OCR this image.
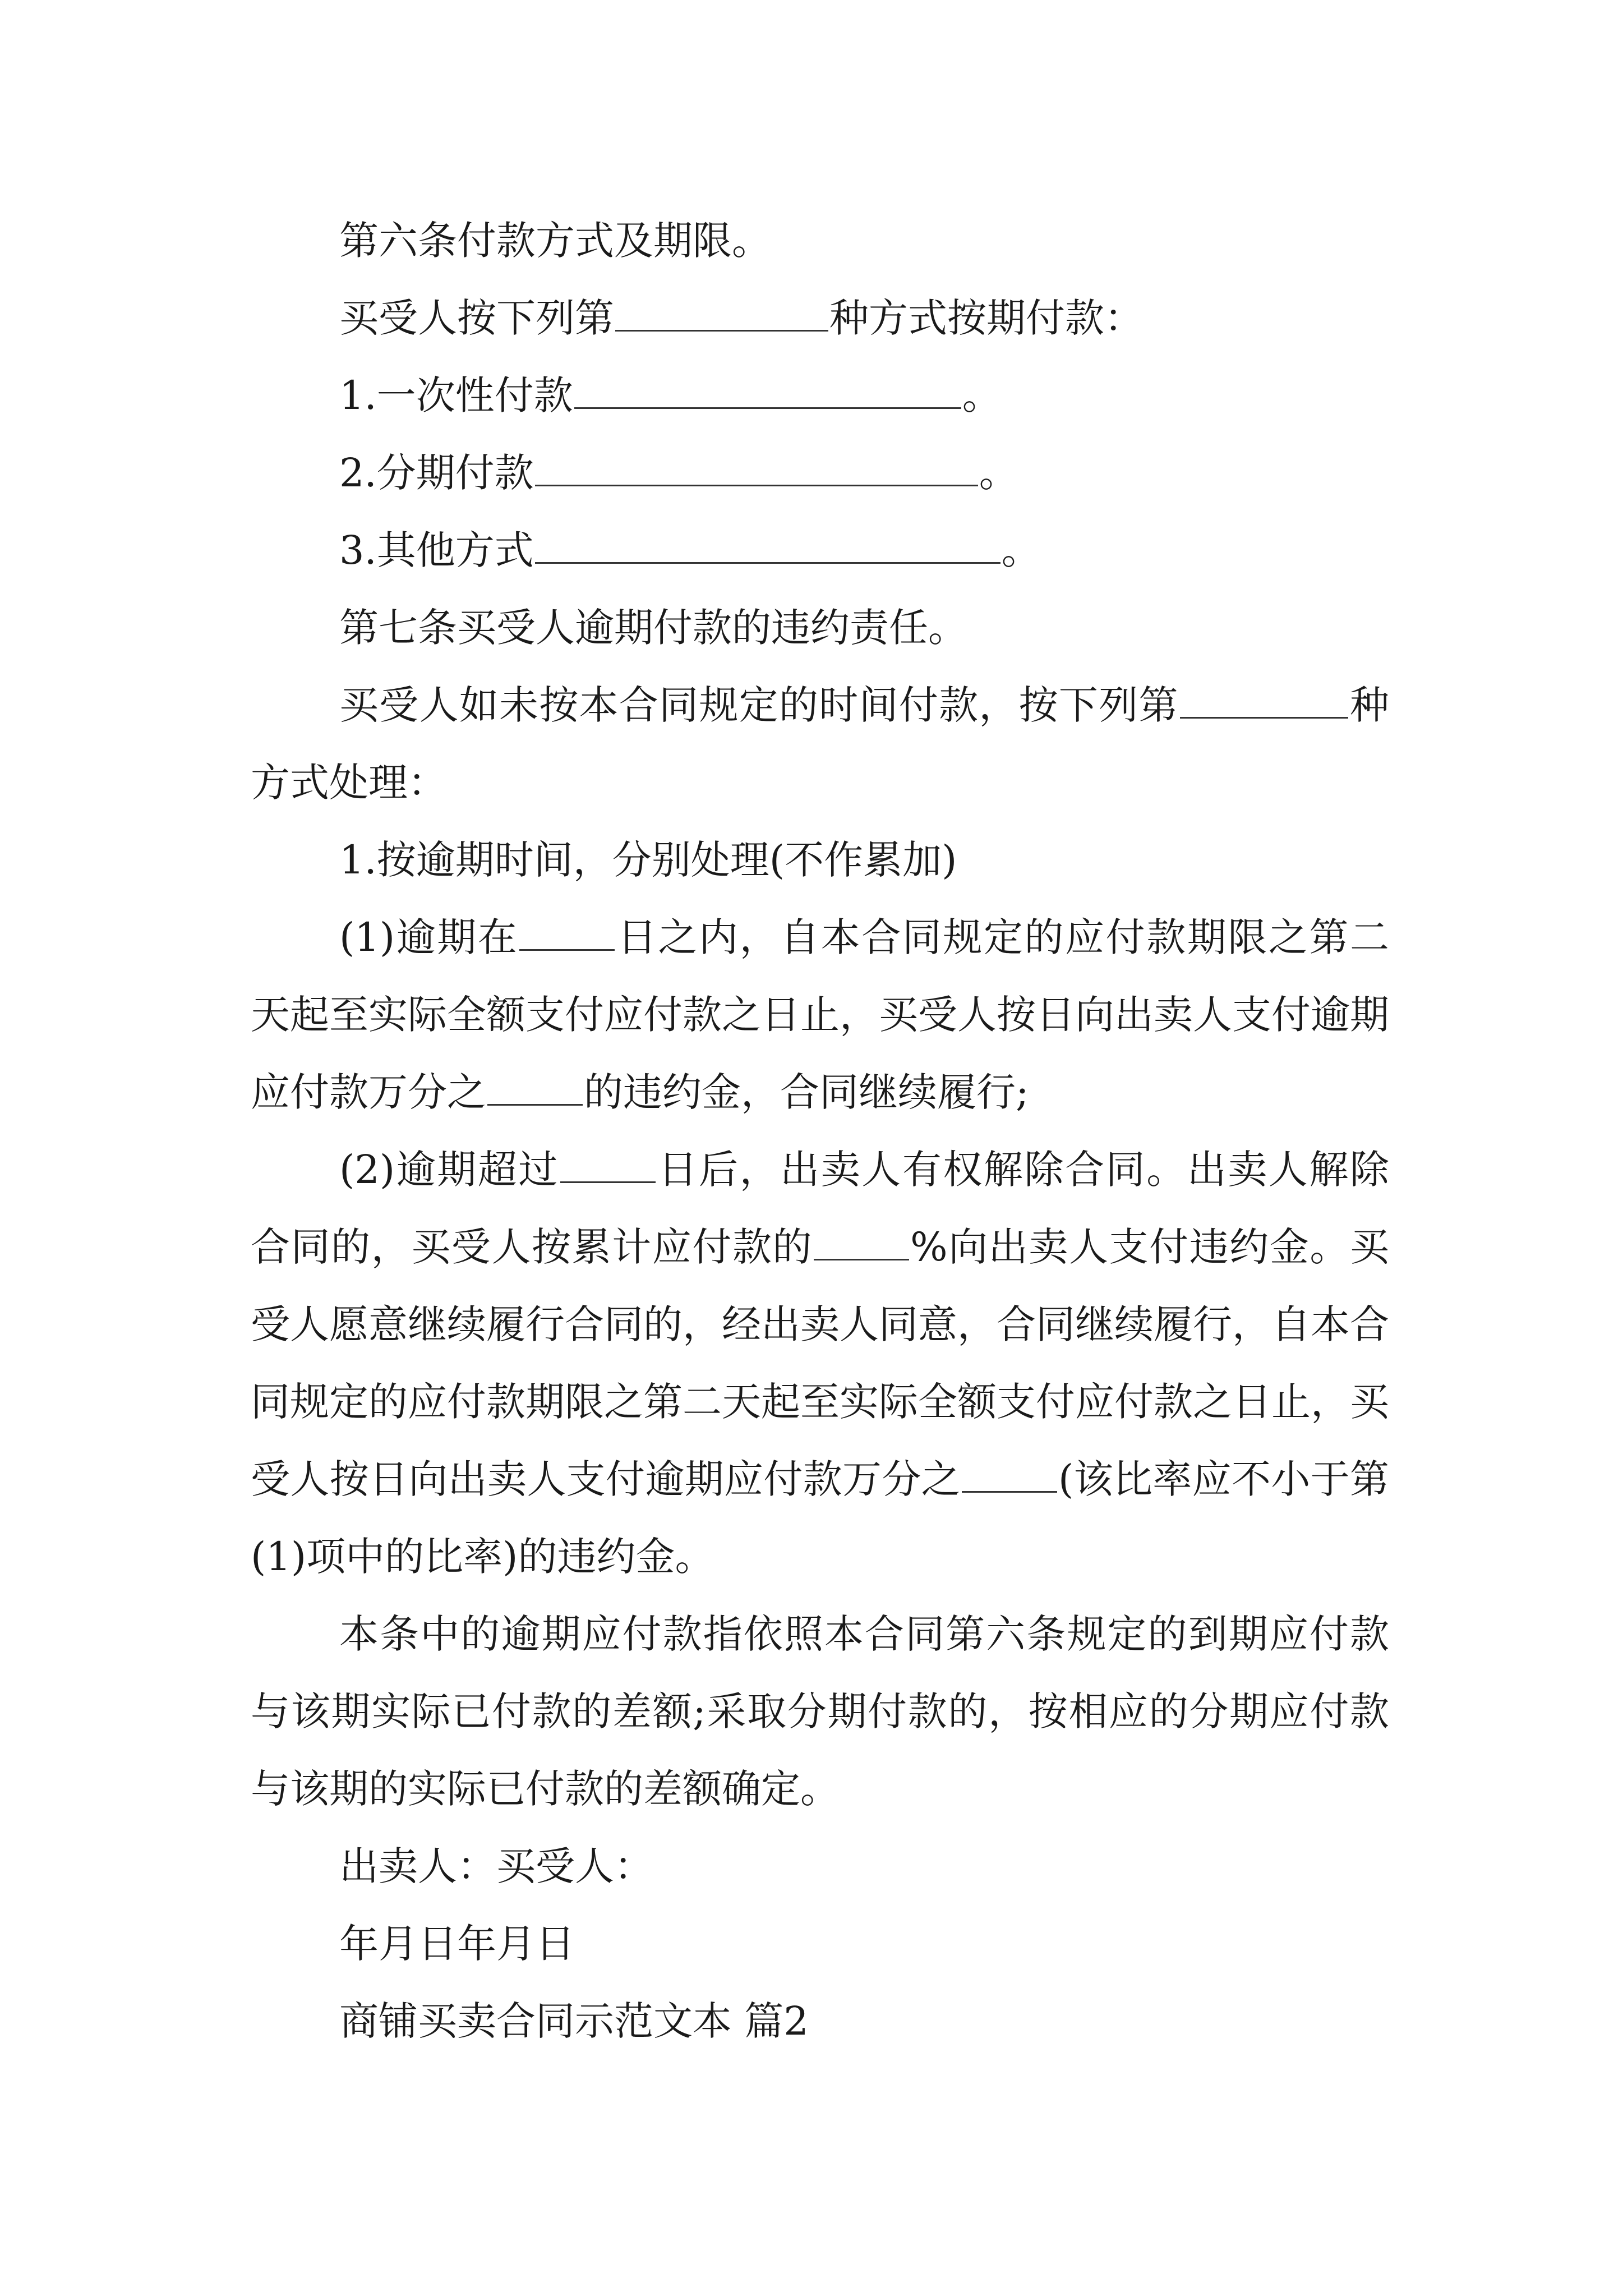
第六条付款方式及期限。

买受人按下列第	种方式按期付款：

1.一次性付款	。

2.分期付款	。

3.其他方式	。

第七条买受人逾期付款的违约责任。

买受人如未按本合同规定的时间付款，按下列第	种方式处理：

1.按逾期时间，分别处理(不作累加)

(1)逾期在 日之内，自本合同规定的应付款期限之第二天起至实际全额支付应付款之日止，买受人按日向出卖人支付逾期应付款万分之 的违约金，合同继续履行;

(2)逾期超过 日后，出卖人有权解除合同。出卖人解除合同的，买受人按累计应付款的 %向出卖人支付违约金。买受人愿意继续履行合同的，经出卖人同意，合同继续履行，自本合同规定的应付款期限之第二天起至实际全额支付应付款之日止，买受人按日向出卖人支付逾期应付款万分之 (该比率应不小于第(1)项中的比率)的违约金。

本条中的逾期应付款指依照本合同第六条规定的到期应付款与该期实际已付款的差额;采取分期付款的，按相应的分期应付款与该期的实际已付款的差额确定。

出卖人：买受人：

年月日年月日

商铺买卖合同示范文本 篇2
